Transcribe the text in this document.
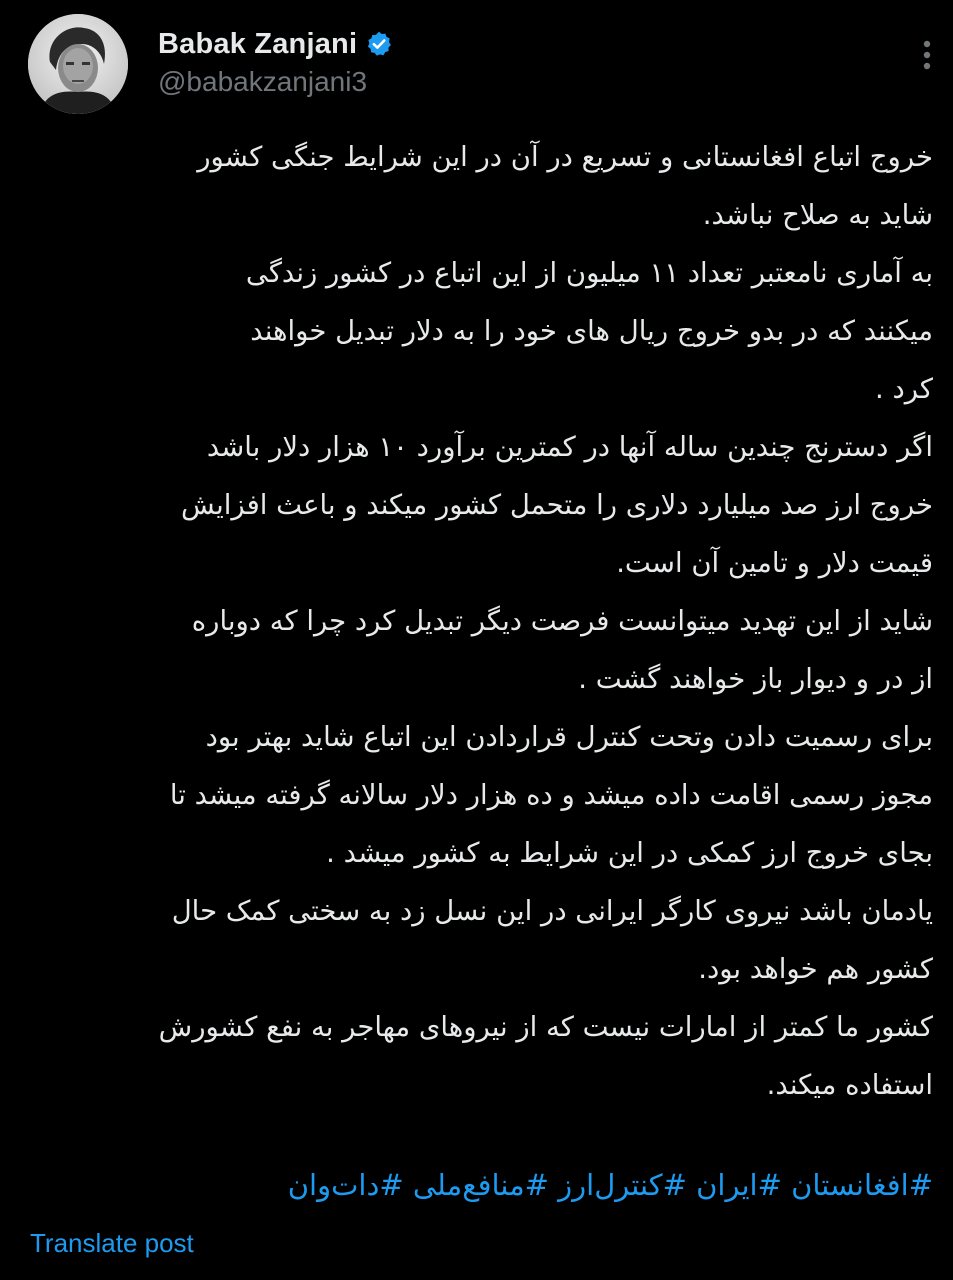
Babak Zanjani
@babakzanjani3
خروج اتباع افغانستانی و تسریع در آن در این شرایط جنگی کشور
شاید به صلاح نباشد.
به آماری نامعتبر تعداد ۱۱ میلیون از این اتباع در کشور زندگی
میکنند که در بدو خروج ریال های خود را به دلار تبدیل خواهند
کرد .
اگر دسترنج چندین ساله آنها در کمترین برآورد ۱۰ هزار دلار باشد
خروج ارز صد میلیارد دلاری را متحمل کشور میکند و باعث افزایش
قیمت دلار و تامین آن است.
شاید از این تهدید میتوانست فرصت دیگر تبدیل کرد چرا که دوباره
از در و دیوار باز خواهند گشت .
برای رسمیت دادن وتحت کنترل قراردادن این اتباع شاید بهتر بود
مجوز رسمی اقامت داده میشد و ده هزار دلار سالانه گرفته میشد تا
بجای خروج ارز کمکی در این شرایط به کشور میشد .
یادمان باشد نیروی کارگر ایرانی در این نسل زد به سختی کمک حال
کشور هم خواهد بود.
کشور ما کمتر از امارات نیست که از نیروهای مهاجر به نفع کشورش
استفاده میکند.
#افغانستان #ایران #کنترل‌ارز #منافع‌ملی #دات‌وان
Translate post
